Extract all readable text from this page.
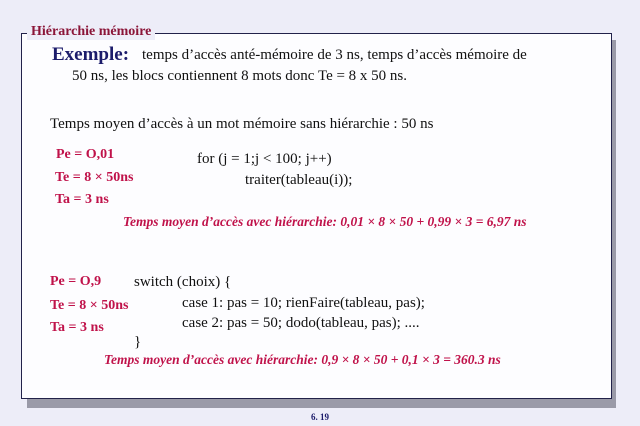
Hiérarchie mémoire
Exemple: temps d’accès anté-mémoire de 3 ns, temps d’accès mémoire de
50 ns, les blocs contiennent 8 mots donc Te = 8 x 50 ns.
Temps moyen d’accès à un mot mémoire sans hiérarchie : 50 ns
Pe = O,01
Te = 8 × 50ns
Ta = 3 ns
for (j = 1;j < 100; j++)
traiter(tableau(i));
Temps moyen d’accès avec hiérarchie: 0,01 × 8 × 50 + 0,99 × 3 = 6,97 ns
Pe = O,9
Te = 8 × 50ns
Ta = 3 ns
switch (choix) {
case 1: pas = 10; rienFaire(tableau, pas);
case 2: pas = 50; dodo(tableau, pas); ....
}
Temps moyen d’accès avec hiérarchie: 0,9 × 8 × 50 + 0,1 × 3 = 360.3 ns
6. 19
